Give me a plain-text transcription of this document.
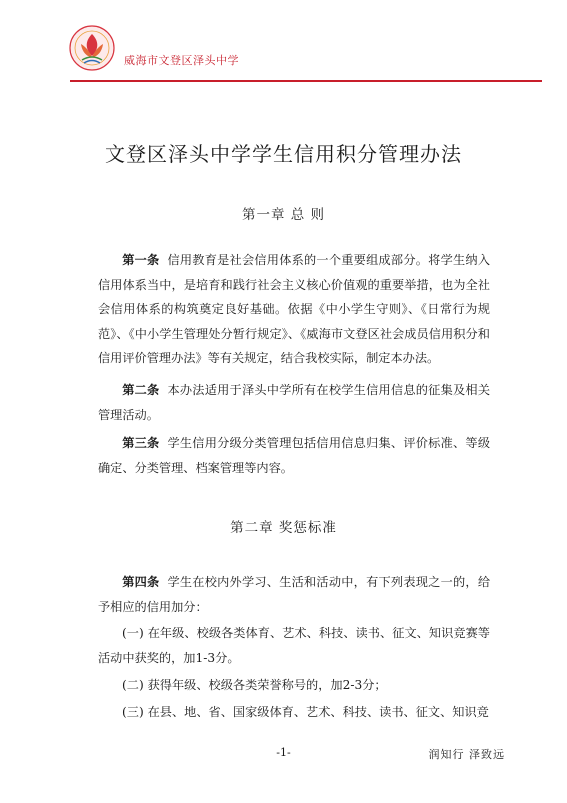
威海市文登区泽头中学
文登区泽头中学学生信用积分管理办法
第一章 总 则
第一条 信用教育是社会信用体系的一个重要组成部分。将学生纳入信用体系当中，是培育和践行社会主义核心价值观的重要举措，也为全社会信用体系的构筑奠定良好基础。依据《中小学生守则》、《日常行为规范》、《中小学生管理处分暂行规定》、《威海市文登区社会成员信用积分和信用评价管理办法》等有关规定，结合我校实际，制定本办法。
第二条 本办法适用于泽头中学所有在校学生信用信息的征集及相关管理活动。
第三条 学生信用分级分类管理包括信用信息归集、评价标准、等级确定、分类管理、档案管理等内容。
第二章 奖惩标准
第四条 学生在校内外学习、生活和活动中，有下列表现之一的，给予相应的信用加分：
(一) 在年级、校级各类体育、艺术、科技、读书、征文、知识竞赛等活动中获奖的，加1-3分。
(二) 获得年级、校级各类荣誉称号的，加2-3分；
(三) 在县、地、省、国家级体育、艺术、科技、读书、征文、知识竞
-1-	润知行 泽致远
